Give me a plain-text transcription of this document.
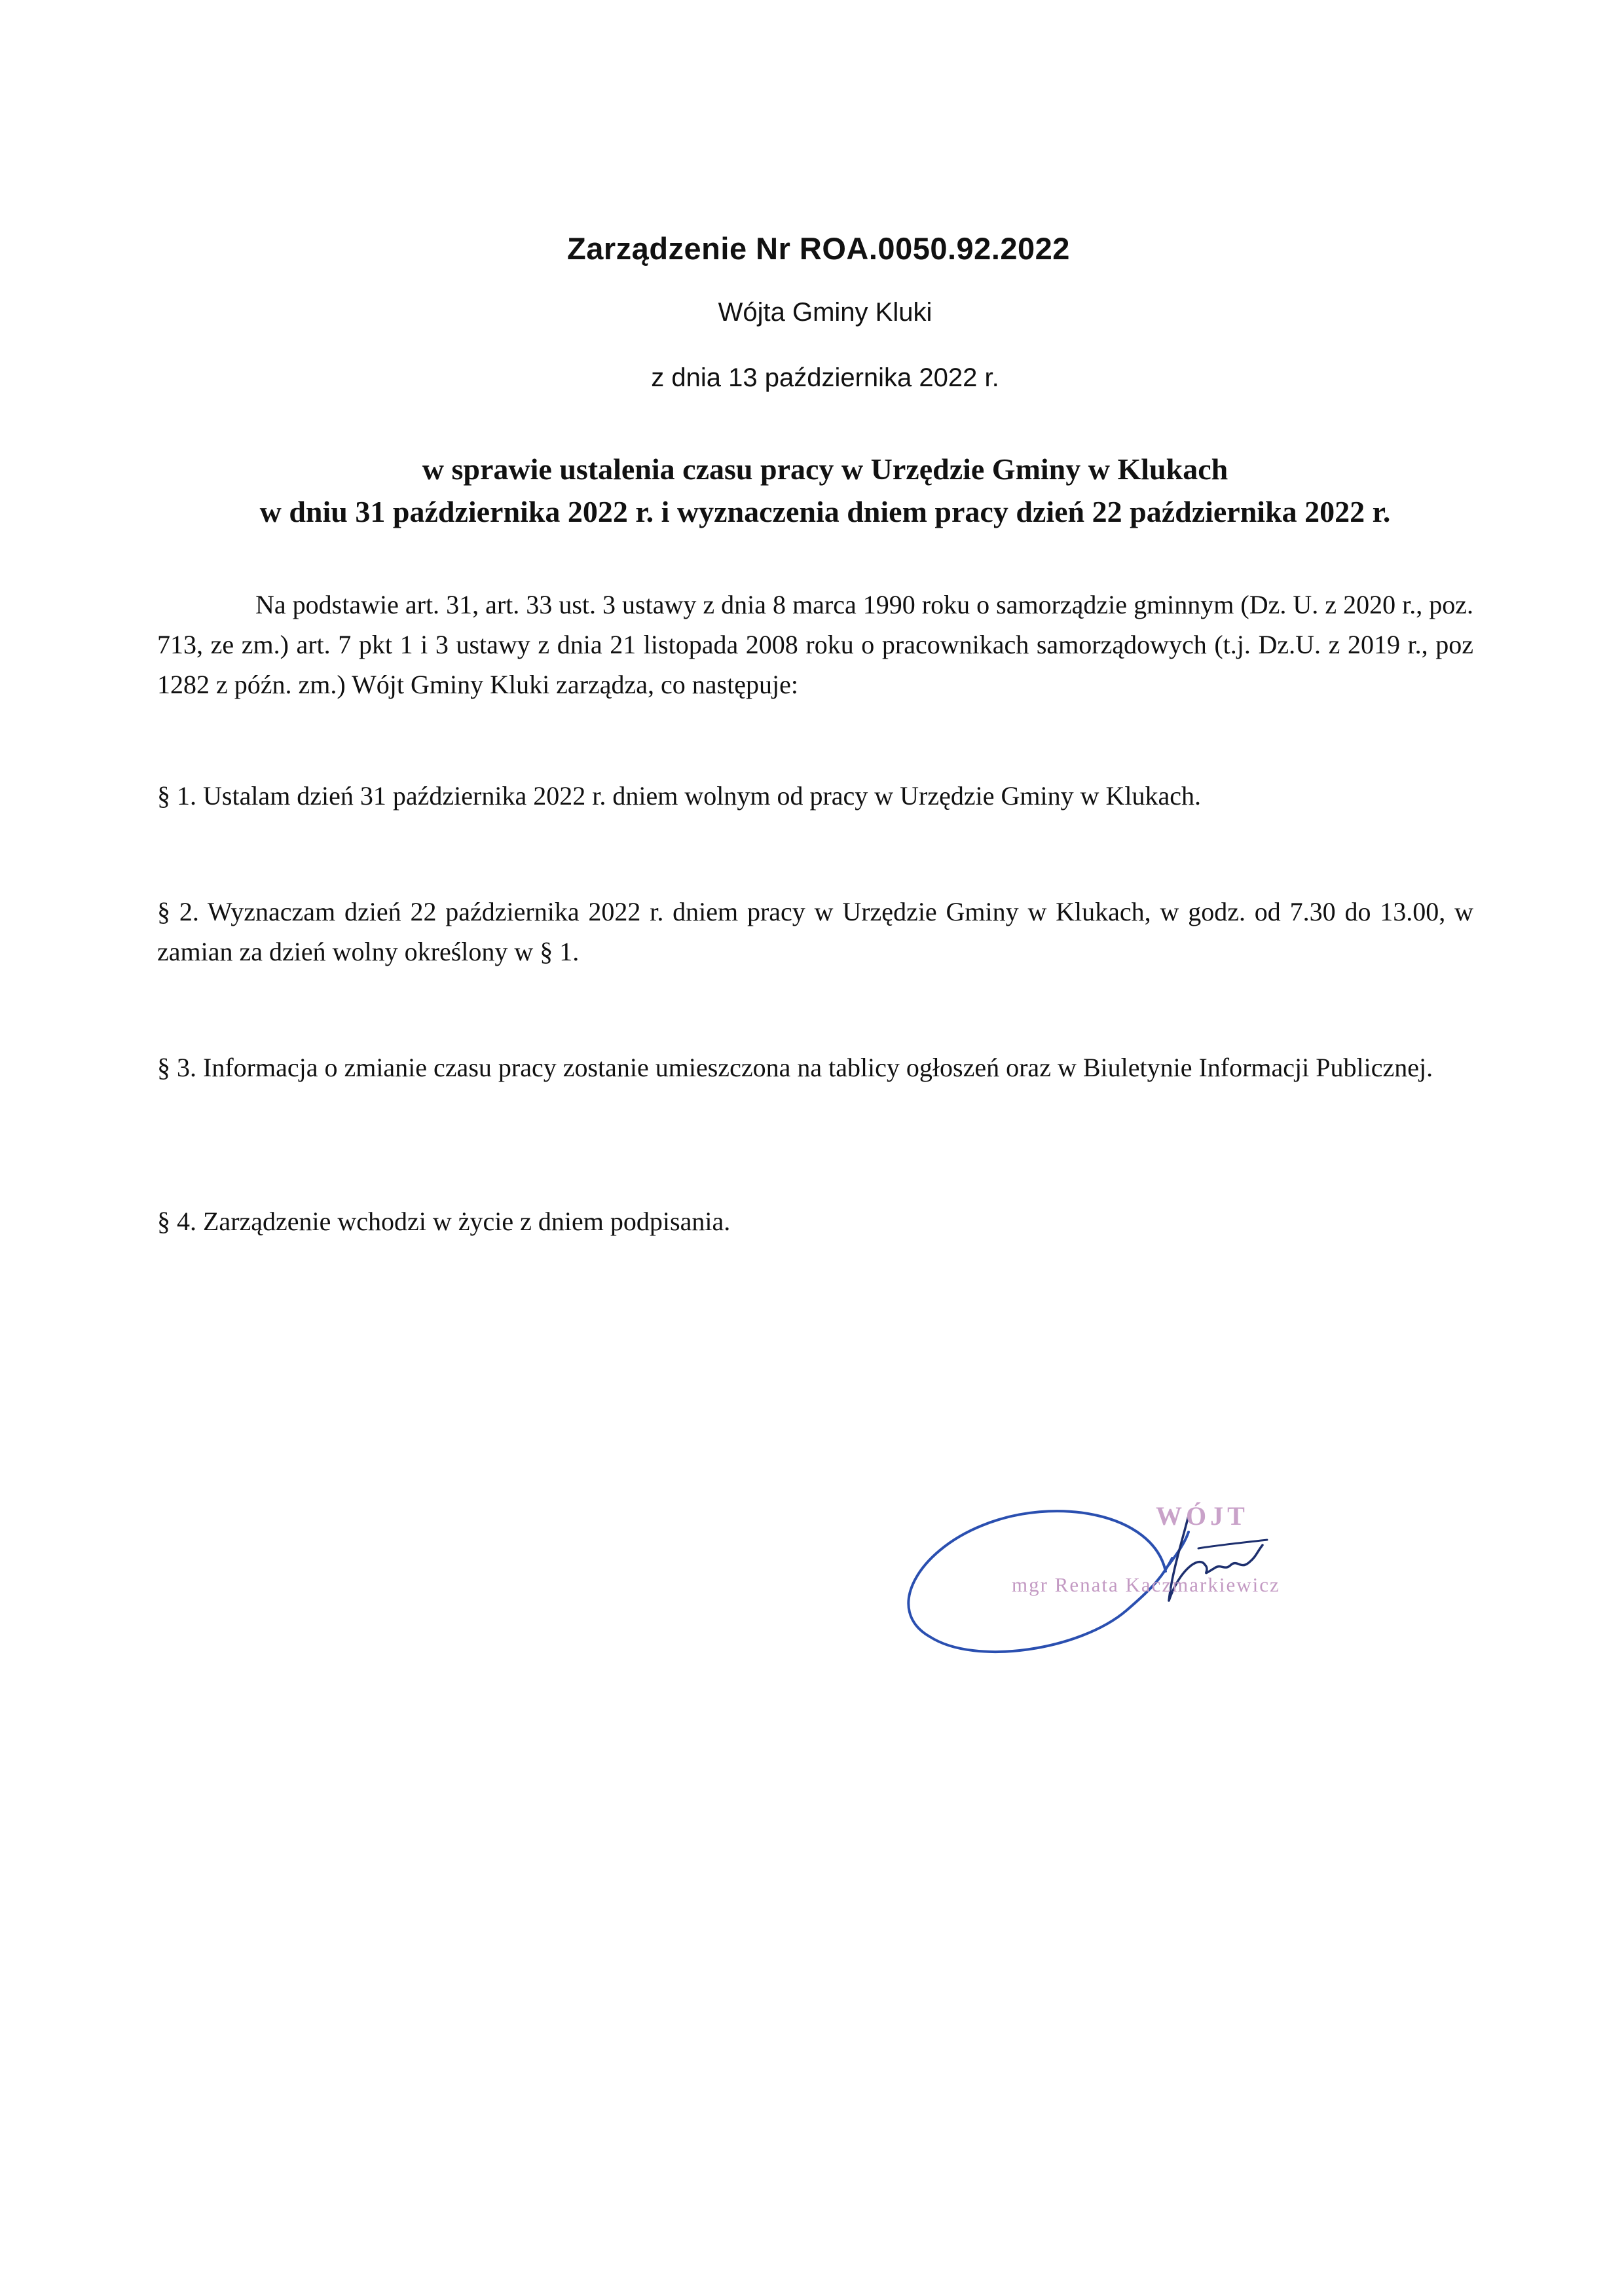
Zarządzenie Nr ROA.0050.92.2022
Wójta Gminy Kluki
z dnia 13 października 2022 r.
w sprawie ustalenia czasu pracy w Urzędzie Gminy w Klukach
w dniu 31 października 2022 r. i wyznaczenia dniem pracy dzień 22 października 2022 r.
Na podstawie art. 31, art. 33 ust. 3 ustawy z dnia 8 marca 1990 roku o samorządzie gminnym (Dz. U. z 2020 r., poz. 713, ze zm.) art. 7 pkt 1 i 3 ustawy z dnia 21 listopada 2008 roku o pracownikach samorządowych (t.j. Dz.U. z 2019 r., poz 1282 z późn. zm.) Wójt Gminy Kluki zarządza, co następuje:
§ 1. Ustalam dzień 31 października 2022 r. dniem wolnym od pracy w Urzędzie Gminy w Klukach.
§ 2. Wyznaczam dzień 22 października 2022 r. dniem pracy w Urzędzie Gminy w Klukach, w godz. od 7.30 do 13.00, w zamian za dzień wolny określony w § 1.
§ 3. Informacja o zmianie czasu pracy zostanie umieszczona na tablicy ogłoszeń oraz w Biuletynie Informacji Publicznej.
§ 4. Zarządzenie wchodzi w życie z dniem podpisania.
WÓJT
mgr Renata Kaczmarkiewicz
